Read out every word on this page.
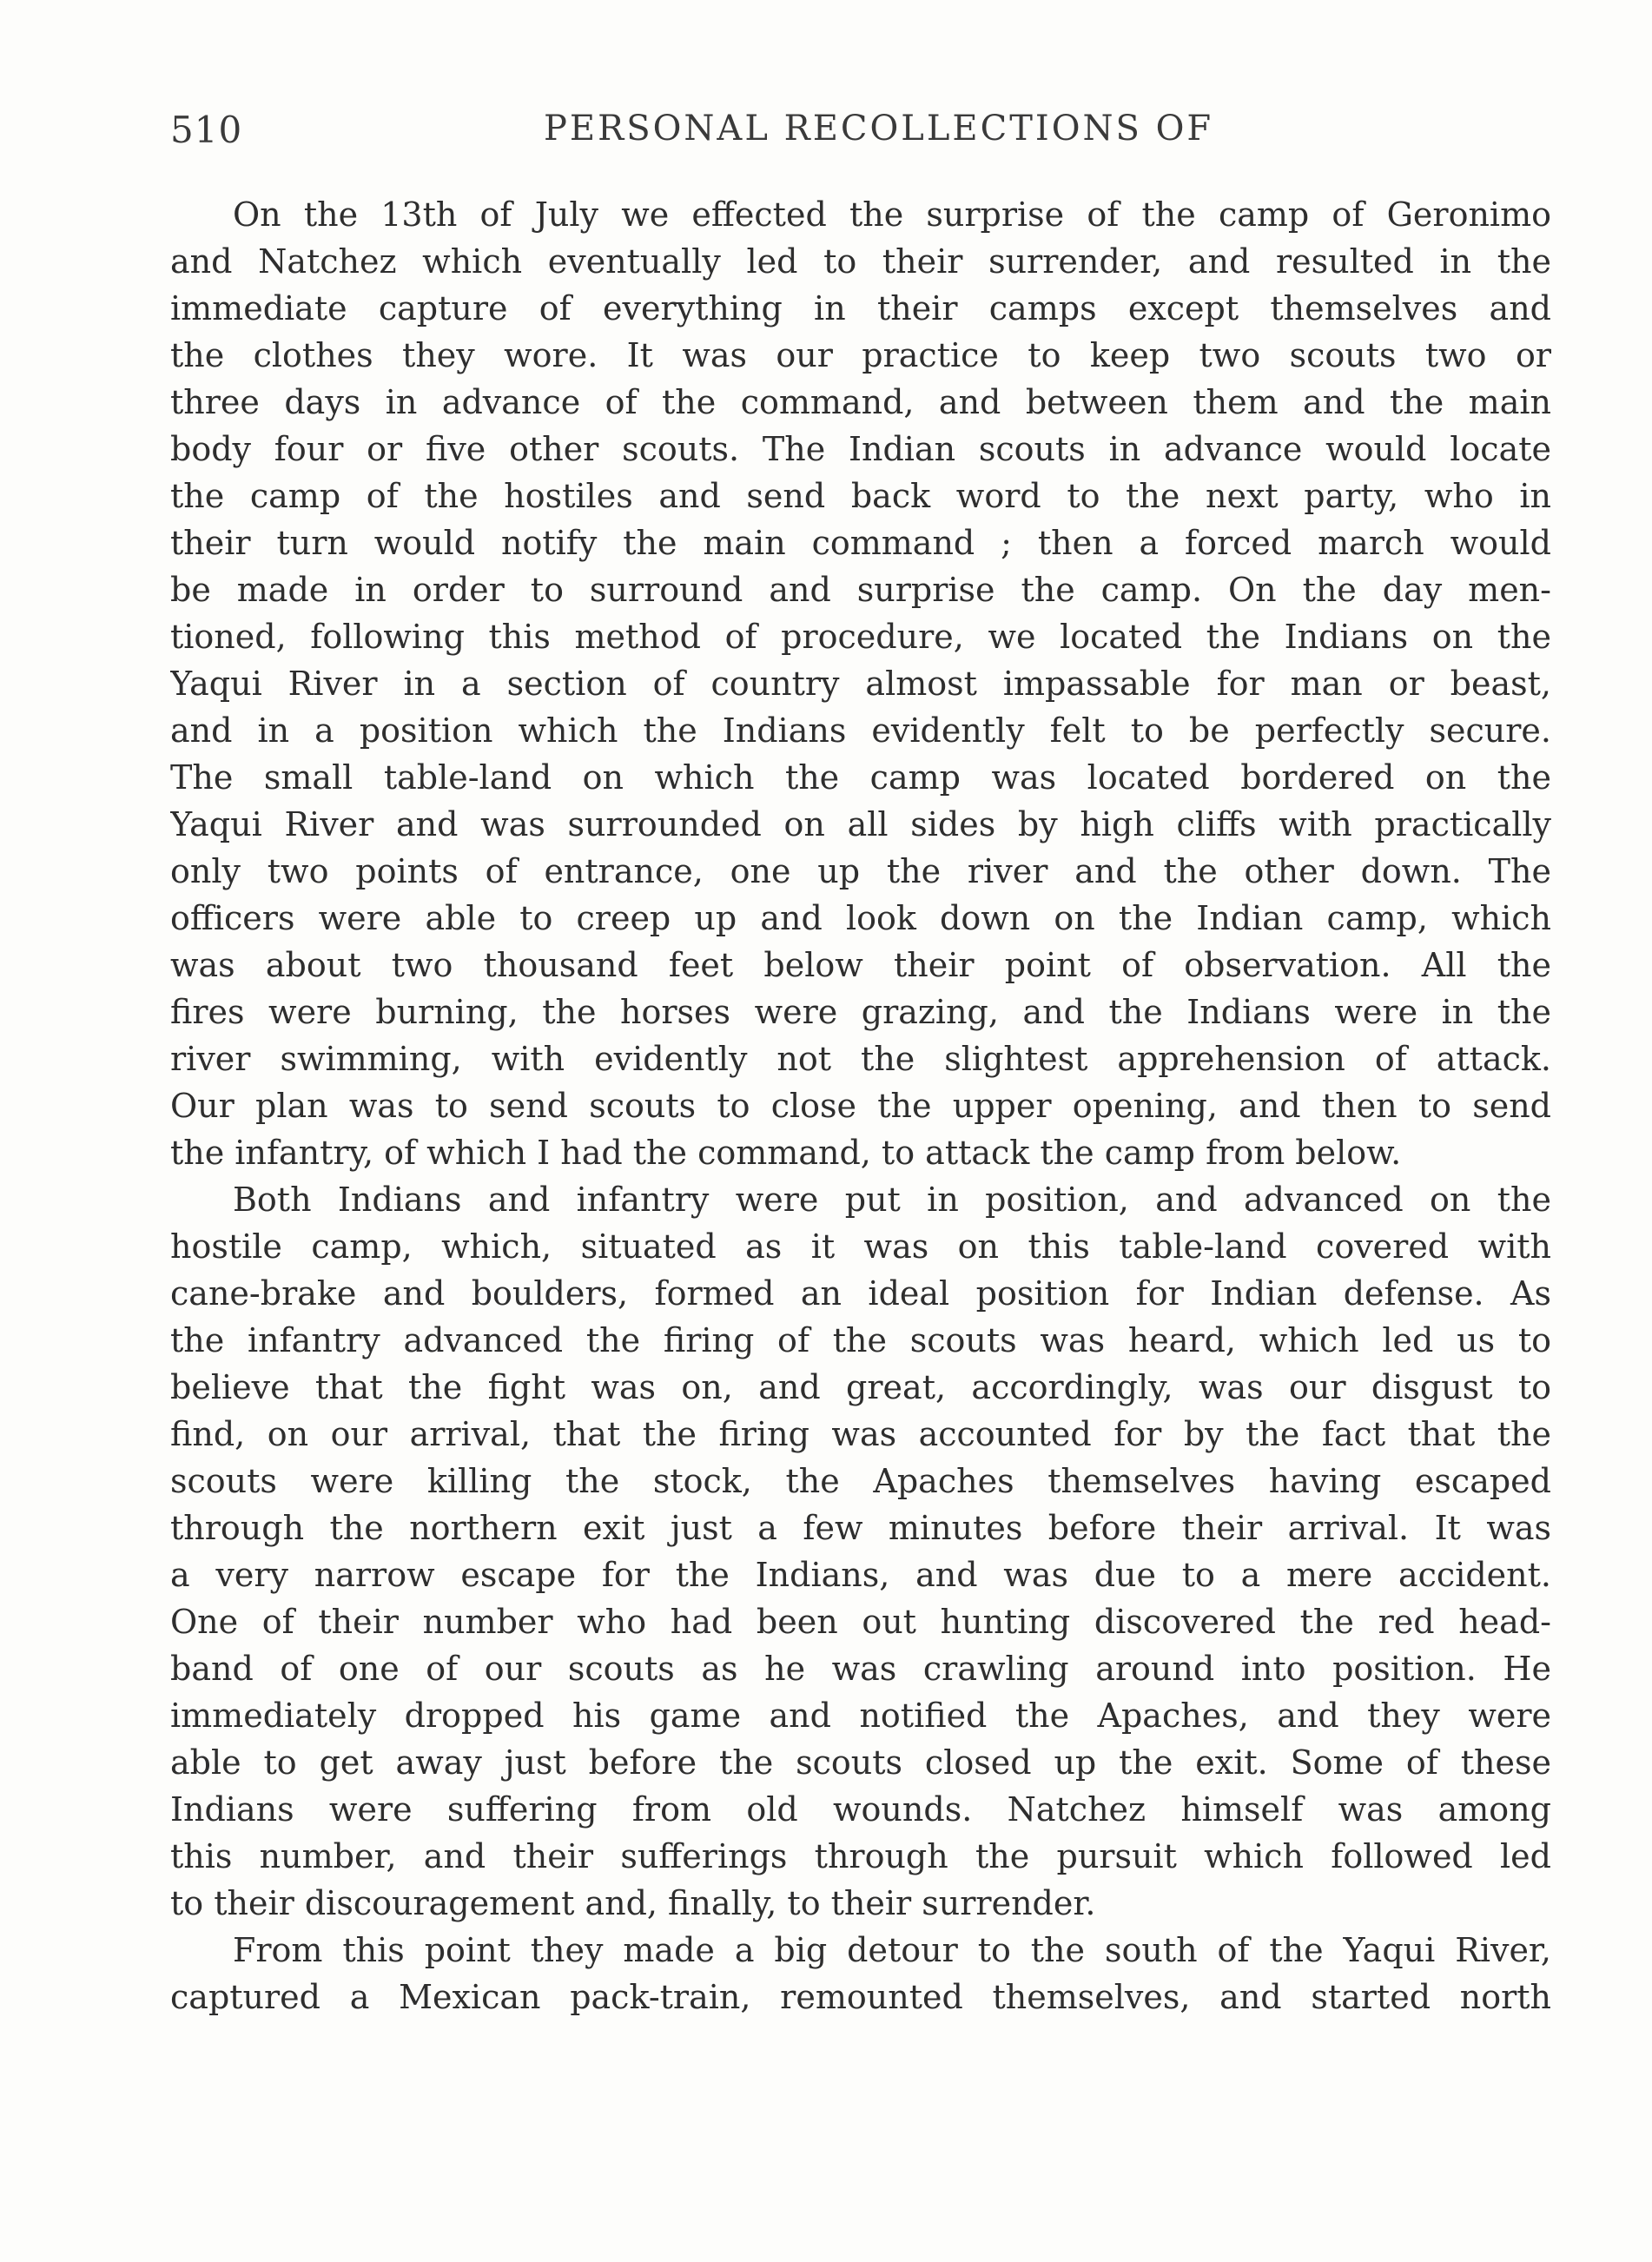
510	PERSONAL RECOLLECTIONS OF
On the 13th of July we effected the surprise of the camp of Geronimo
and Natchez which eventually led to their surrender, and resulted in the
immediate capture of everything in their camps except themselves and
the clothes they wore. It was our practice to keep two scouts two or
three days in advance of the command, and between them and the main
body four or five other scouts. The Indian scouts in advance would locate
the camp of the hostiles and send back word to the next party, who in
their turn would notify the main command ; then a forced march would
be made in order to surround and surprise the camp. On the day men-
tioned, following this method of procedure, we located the Indians on the
Yaqui River in a section of country almost impassable for man or beast,
and in a position which the Indians evidently felt to be perfectly secure.
The small table-land on which the camp was located bordered on the
Yaqui River and was surrounded on all sides by high cliffs with practically
only two points of entrance, one up the river and the other down. The
officers were able to creep up and look down on the Indian camp, which
was about two thousand feet below their point of observation. All the
fires were burning, the horses were grazing, and the Indians were in the
river swimming, with evidently not the slightest apprehension of attack.
Our plan was to send scouts to close the upper opening, and then to send
the infantry, of which I had the command, to attack the camp from below.
Both Indians and infantry were put in position, and advanced on the
hostile camp, which, situated as it was on this table-land covered with
cane-brake and boulders, formed an ideal position for Indian defense. As
the infantry advanced the firing of the scouts was heard, which led us to
believe that the fight was on, and great, accordingly, was our disgust to
find, on our arrival, that the firing was accounted for by the fact that the
scouts were killing the stock, the Apaches themselves having escaped
through the northern exit just a few minutes before their arrival. It was
a very narrow escape for the Indians, and was due to a mere accident.
One of their number who had been out hunting discovered the red head-
band of one of our scouts as he was crawling around into position. He
immediately dropped his game and notified the Apaches, and they were
able to get away just before the scouts closed up the exit. Some of these
Indians were suffering from old wounds. Natchez himself was among
this number, and their sufferings through the pursuit which followed led
to their discouragement and, finally, to their surrender.
From this point they made a big detour to the south of the Yaqui River,
captured a Mexican pack-train, remounted themselves, and started north
